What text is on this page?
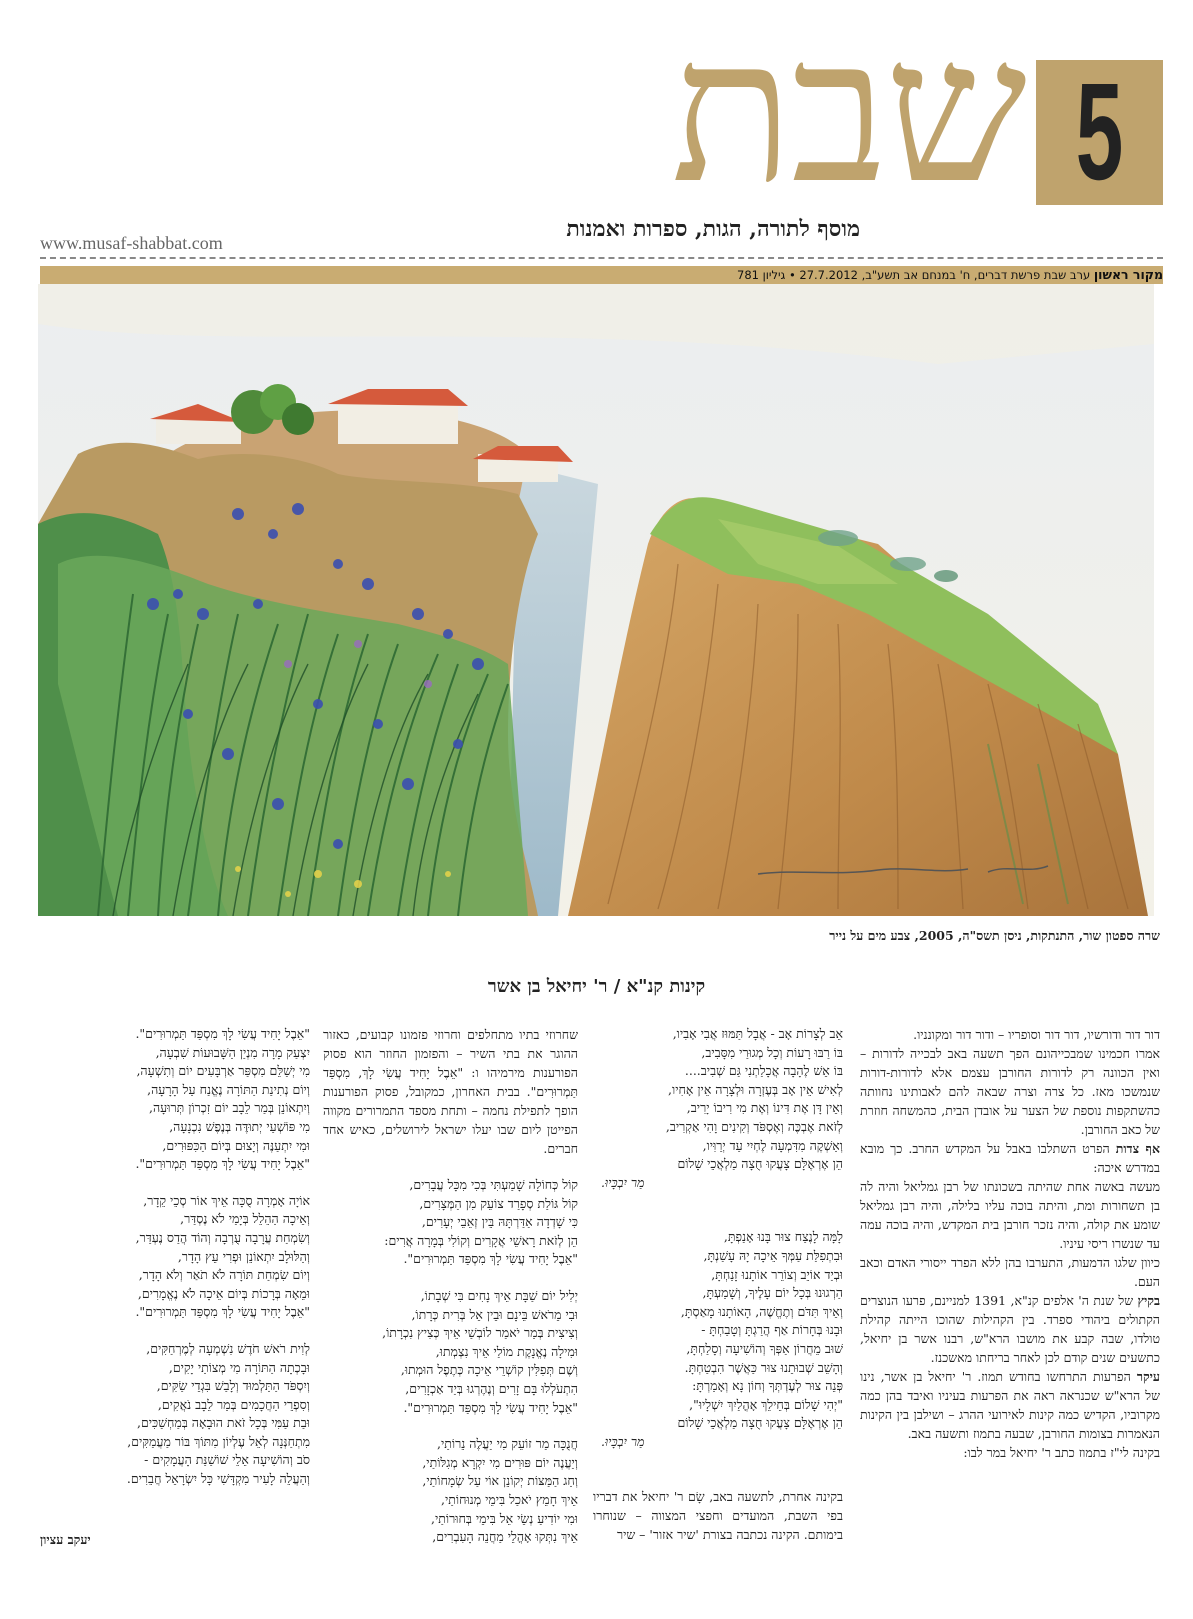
5
שבת
מוסף לתורה, הגות, ספרות ואמנות
www.musaf-shabbat.com
מקור ראשון ערב שבת פרשת דברים, ח' במנחם אב תשע"ב, 27.7.2012 • גיליון 781
שרה ספטון שור, התנתקות, ניסן תשס"ה, 2005, צבע מים על נייר
קינות קנ"א / ר' יחיאל בן אשר

דור דור ודורשיו, דור דור וסופריו – ודור דור ומקונניו.

אמרו חכמינו שמבכייהונם הפך תשעה באב לבכייה לדורות – ואין הכוונה רק לדורות החורבן עצמם אלא לדורות-דורות שנמשכו מאז. כל צרה וצרה שבאה להם לאבותינו נחוותה כהשתקפות נוספת של הצער על אובדן הבית, כהמשחה חוזרת של כאב החורבן.

אף צדות הפרט השתלבו באבל על המקדש החרב. כך מובא במדרש איכה:

מעשה באשה אחת שהיתה בשכונתו של רבן גמליאל והיה לה בן תשחורות ומת, והיתה בוכה עליו בלילה, והיה רבן גמליאל שומע את קולה, והיה נזכר חורבן בית המקדש, והיה בוכה עמה עד שנשרו ריסי עיניו.

כיוון שלגו הדמעות, התערבו בהן ללא הפרד ייסורי האדם וכאב העם.

בקיץ של שנת ה' אלפים קנ"א, 1391 למניינם, פרעו הנוצרים הקתולים ביהודי ספרד. בין הקהילות שהוכו הייתה קהילת טולדו, שבה קבע את מושבו הרא"ש, רבנו אשר בן יחיאל, כתשעים שנים קודם לכן לאחר בריחתו מאשכנז.

עיקר הפרעות התרחשו בחודש תמוז. ר' יחיאל בן אשר, נינו של הרא"ש שכנראה ראה את הפרעות בעיניו ואיבד בהן כמה מקרוביו, הקדיש כמה קינות לאירועי ההרג – ושילבן בין הקינות הנאמרות בצומות החורבן, שבעה בתמוז ותשעה באב.

בקינה לי"ז בתמוז כתב ר' יחיאל במר לבו:

אֵב לְצָרוֹת אָב - אֲבָל תַּמּוּז אֲבִי אָבִיו,

בּוֹ רַבּוּ רָעוֹת וְכָל מְגוּרַי מִסָּבִיב,

בּוֹ אֵשׁ לֶהָבָה אֲכָלַתְנִי גַּם שְׁבִיב....

לְאִישׁ אֵין אָב בְּעֶזְרָה וּלְצָרָה אֵין אָחִיו,

וְאֵין דָּן אֶת דִּינוֹ וְאֶת מִי רִיבוֹ יָרִיב,

לְזֹאת אֶבְכֶּה וְאֶסְפֹּד וְקִינִים וָהִי אַקְרִיב,

וְאַשְׁקֶה מִדִּמְעָה לֶחְיִי עַד יְרַוִּיו,

הֵן אֶרְאֶלָּם צָעֲקוּ חֻצָה מַלְאֲכֵי שָׁלוֹם

מַר יִבְכָּיוּ.

לָמָּה לָנֶצַח צוּר בָּנוּ אָנַפְתָּ,

וּבִתְפִלַּת עַמְּךָ אֵיכָה יָהּ עָשַׁנְתָּ,

וּבְיַד אוֹיֵב וְצוֹרֵר אוֹתָנוּ זָנַחְתָּ,

הַרְגוּנוּ בְּכָל יוֹם עָלֶיךָ, וְשָׁמַעְתָּ,

וְאֵיךְ תִּדֹּם וְתֶחֱשֶׁה, הָאוֹתָנוּ מָאַסְתָּ,

וּבָנוּ בְּחָרוֹת אַף הֲרַגְתָּ וְטָבַחְתָּ -

שׁוּב מֵחֲרוֹן אַפְּךָ וְהוֹשִׁיעָה וְסָלַחְתָּ,

וְהָשֵׁב שְׁבוּתֵנוּ צוּר כַּאֲשֶׁר הִבְטַחְתָּ.

פְּנֵה צוּר לְעֶדְתְּךָ וְחוֹן נָא וְאָמַרְתָּ:

"יְהִי שָׁלוֹם בְּחֵילֵךְ אָהֳלַיִךְ יִשְׁלָיוּ",

הֵן אֶרְאֶלָּם צָעֲקוּ חֻצָה מַלְאֲכֵי שָׁלוֹם

מַר יִבְכָּיוּ.

בקינה אחרת, לתשעה באב, שָׂם ר' יחיאל את דבריו בפי השבת, המועדים וחפצי המצווה – שנוחרו בימותם. הקינה נכתבה בצורת 'שיר אזור' – שיר

שחרוזי בתיו מתחלפים וחרוזי פזמונו קבועים, כאזור ההוגר את בתי השיר – והפזמון החוזר הוא פסוק הפורענות מירמיהו ו: "אֵבֶל יָחִיד עֲשִׂי לָךְ, מִסְפַּד תַּמְרוּרִים". בבית האחרון, כמקובל, פסוק הפורענות הופך לתפילת נחמה – ותחת מספד התמרורים מקווה הפייטן ליום שבו יעלו ישראל לירושלים, כאיש אחד חברים.

קוֹל כְּחוֹלָה שָׁמַעְתִּי בְּכִי מִכָּל עֲבָרִים,

קוֹל גּוֹלַת סְפָרַד צוֹעֵק מִן הַמְּצָרִים,

כִּי שָׁדְדָה אַדַּרְתָּהּ בֵּין זְאֵבֵי יְעָרִים,

הֵן לְזֹאת רָאשֵׁי אֲקָרִים וְקוֹלִי בְּמָרָה אֲרִים:

"אֵבֶל יָחִיד עֲשִׂי לָךְ מִסְפַּד תַּמְרוּרִים".

יְלִיל יוֹם שַׁבָּת אֵיךְ נָחִים בִּי שְׁבָתוֹ,

וּבִי מֵרֹאשׁ בֵּינָם וּבֵין אֵל בְּרִית כְּרָתוֹ,

וְצִיצִית בְּמַר יֹאמַר לוֹבְשַׁי אֵיךְ כְּצִיץ נִכְרָתוֹ,

וּמִילָה נֶאֱנָקֶת מוֹלַי אֵיךְ נִצְמְתוּ,

וְשֶׁם תְּפִלִּין קוֹשְׁרֵי אֵיכָה כְּתֶפֶל הוּמְתוּ,

הִתְעֹלְלוּ בָּם זָרִים וְנֶהֶרְגוּ בְּיַד אַכְזָרִים,

"אֵבֶל יָחִיד עֲשִׂי לָךְ מִסְפַּד תַּמְרוּרִים".

חֲנֻכָּה מַר זוֹעֵק מִי יַעֲלֶה נֵרוֹתַי,

וְיַעֲנֶה יוֹם פּוּרִים מִי יִקְרָא מְגִלּוֹתַי,

וְחַג הַמַּצּוֹת יְקוֹנֵן אוֹי עַל שְׂמָחוֹתַי,

אֵיךְ חָמֵץ יֹאכַל בִּימֵי מְנוּחוֹתַי,

וּמִי יוֹדִיעַ נְשֵׂי אֵל בִּימֵי בְּחוּרוֹתַי,

אֵיךְ נִתְּקוּ אָהֳלֵי מַחֲנֵה הָעִבְרִים,

"אֵבֶל יָחִיד עֲשִׂי לָךְ מִסְפַּד תַּמְרוּרִים".

יִצְעַק מָרָה מִנְיַן הַשָּׁבוּעוֹת שִׁבְעָה,

מִי יְשַׁלֵּם מִסְפַּר אַרְבָּעִים יוֹם וְתִשְׁעָה,

וְיוֹם נְתִינַת הַתּוֹרָה נֶאֱנַח עַל הָרָעָה,

וְיִתְאוֹנֵן בְּמַר לֵבָב יוֹם זִכְרוֹן תְּרוּעָה,

מִי פּוֹשְׁעַי יְתוּדֶּה בְּנֶפֶשׁ נִכְנָעָה,

וּמִי יִתְעַנֶּה וְיָצוּם בְּיוֹם הַכִּפּוּרִים,

"אֵבֶל יָחִיד עֲשִׂי לָךְ מִסְפַּד תַּמְרוּרִים".

אוֹיָה אָמְרָה סֻכָּה אֵיךְ אוֹר סְכֵי קֵדָר,

וְאֵיכָה הַהֵלֵל בְּיָמַי לֹא נֶסְדַּר,

וְשִׂמְחַת עֲרָבָה עֻרְבָה וְהוֹד הֲדַס נֶעְדַּר,

וְהַלּוּלָב יִתְאוֹנֵן וּפְרִי עֵץ הָדָר,

וְיוֹם שִׂמְחַת תּוֹרָה לֹא תֹאַר וְלֹא הָדָר,

וּמֵאָה בְּרָכוֹת בְּיוֹם אֵיכָה לֹא נֶאֱמָרִים,

"אֵבֶל יָחִיד עֲשִׂי לָךְ מִסְפַּד תַּמְרוּרִים".

לְוִית רֹאשׁ חֹדֶשׁ נִשְׁמְעָה לְמֶרְחַקִּים,

וּבָכְתָה הַתּוֹרָה מִי מְצוֹתַי יָקִים,

וְיִסְפֹּד הַתַּלְמוּד וְלָבַשׁ בִּגְדֵי שַׂקִּים,

וְסִפְרֵי הַחֲכָמִים בְּמַר לֵבָב נֹאֲקִים,

וּבַת עַמִּי בְּכָל זֹאת הוּבָאָה בְּמַחְשַׁכִּים,

מִתְחַנְּנָה לְאֵל עֶלְיוֹן מִתּוֹךְ בּוֹר מַעֲמַקִּים,

סֹב וְהוֹשִׁיעָה אֵלֵי שׁוֹשַׁנַּת הָעֲמָקִים -

וְהַעֲלֵה לָעִיר מִקְדָּשִׁי כָּל יִשְׂרָאֵל חֲבֵרִים.

יעקב עציון
